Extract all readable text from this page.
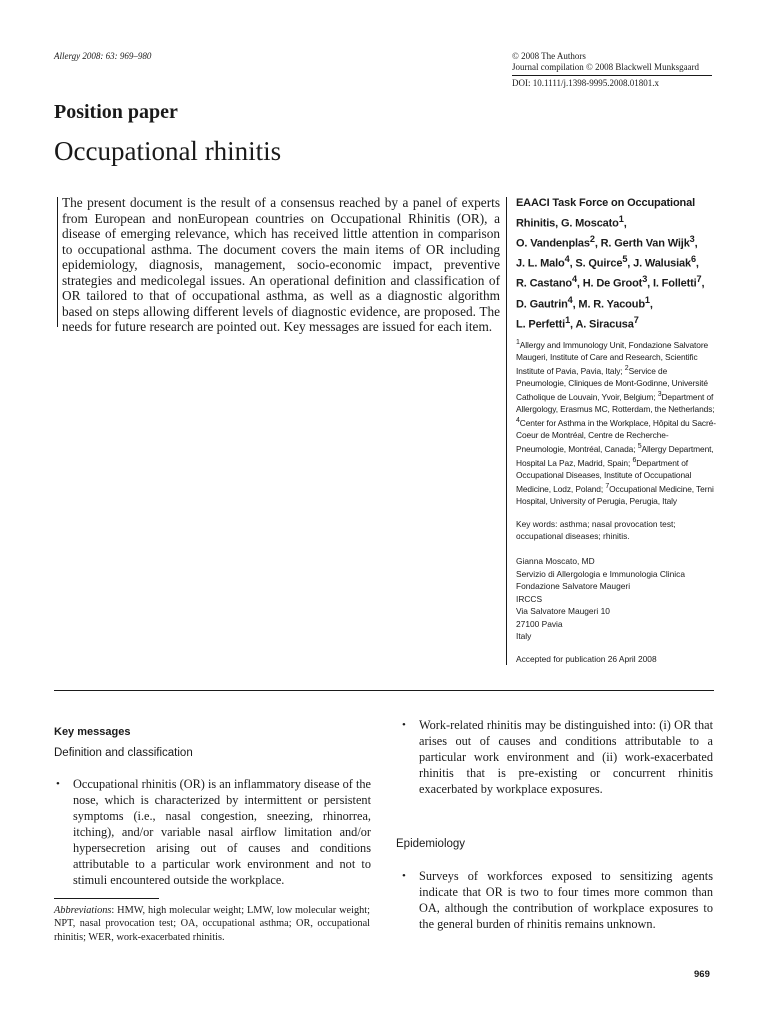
Allergy 2008: 63: 969–980	© 2008 The Authors
Journal compilation © 2008 Blackwell Munksgaard
DOI: 10.1111/j.1398-9995.2008.01801.x
Position paper
Occupational rhinitis
The present document is the result of a consensus reached by a panel of experts from European and nonEuropean countries on Occupational Rhinitis (OR), a disease of emerging relevance, which has received little attention in comparison to occupational asthma. The document covers the main items of OR including epidemiology, diagnosis, management, socio-economic impact, preventive strategies and medicolegal issues. An operational definition and classification of OR tailored to that of occupational asthma, as well as a diagnostic algorithm based on steps allowing different levels of diagnostic evidence, are proposed. The needs for future research are pointed out. Key messages are issued for each item.
EAACI Task Force on Occupational
Rhinitis, G. Moscato$^1$,
O. Vandenplas$^2$, R. Gerth Van Wijk$^3$,
J. L. Malo$^4$, S. Quirce$^5$, J. Walusiak$^6$,
R. Castano$^4$, H. De Groot$^3$, I. Folletti$^7$,
D. Gautrin$^4$, M. R. Yacoub$^1$,
L. Perfetti$^1$, A. Siracusa$^7$
$^1$Allergy and Immunology Unit, Fondazione Salvatore Maugeri, Institute of Care and Research, Scientific Institute of Pavia, Pavia, Italy; $^2$Service de Pneumologie, Cliniques de Mont-Godinne, Université Catholique de Louvain, Yvoir, Belgium; $^3$Department of Allergology, Erasmus MC, Rotterdam, the Netherlands; $^4$Center for Asthma in the Workplace, Hôpital du Sacré-Coeur de Montréal, Centre de Recherche-Pneumologie, Montréal, Canada; $^5$Allergy Department, Hospital La Paz, Madrid, Spain; $^6$Department of Occupational Diseases, Institute of Occupational Medicine, Lodz, Poland; $^7$Occupational Medicine, Terni Hospital, University of Perugia, Perugia, Italy
Key words: asthma; nasal provocation test; occupational diseases; rhinitis.
Gianna Moscato, MD
Servizio di Allergologia e Immunologia Clinica
Fondazione Salvatore Maugeri
IRCCS
Via Salvatore Maugeri 10
27100 Pavia
Italy
Accepted for publication 26 April 2008
Key messages
Definition and classification
• Occupational rhinitis (OR) is an inflammatory disease of the nose, which is characterized by intermittent or persistent symptoms (i.e., nasal congestion, sneezing, rhinorrea, itching), and/or variable nasal airflow limitation and/or hypersecretion arising out of causes and conditions attributable to a particular work environment and not to stimuli encountered outside the workplace.
• Work-related rhinitis may be distinguished into: (i) OR that arises out of causes and conditions attributable to a particular work environment and (ii) work-exacerbated rhinitis that is pre-existing or concurrent rhinitis exacerbated by workplace exposures.
Epidemiology
• Surveys of workforces exposed to sensitizing agents indicate that OR is two to four times more common than OA, although the contribution of workplace exposures to the general burden of rhinitis remains unknown.
Abbreviations: HMW, high molecular weight; LMW, low molecular weight; NPT, nasal provocation test; OA, occupational asthma; OR, occupational rhinitis; WER, work-exacerbated rhinitis.
969
